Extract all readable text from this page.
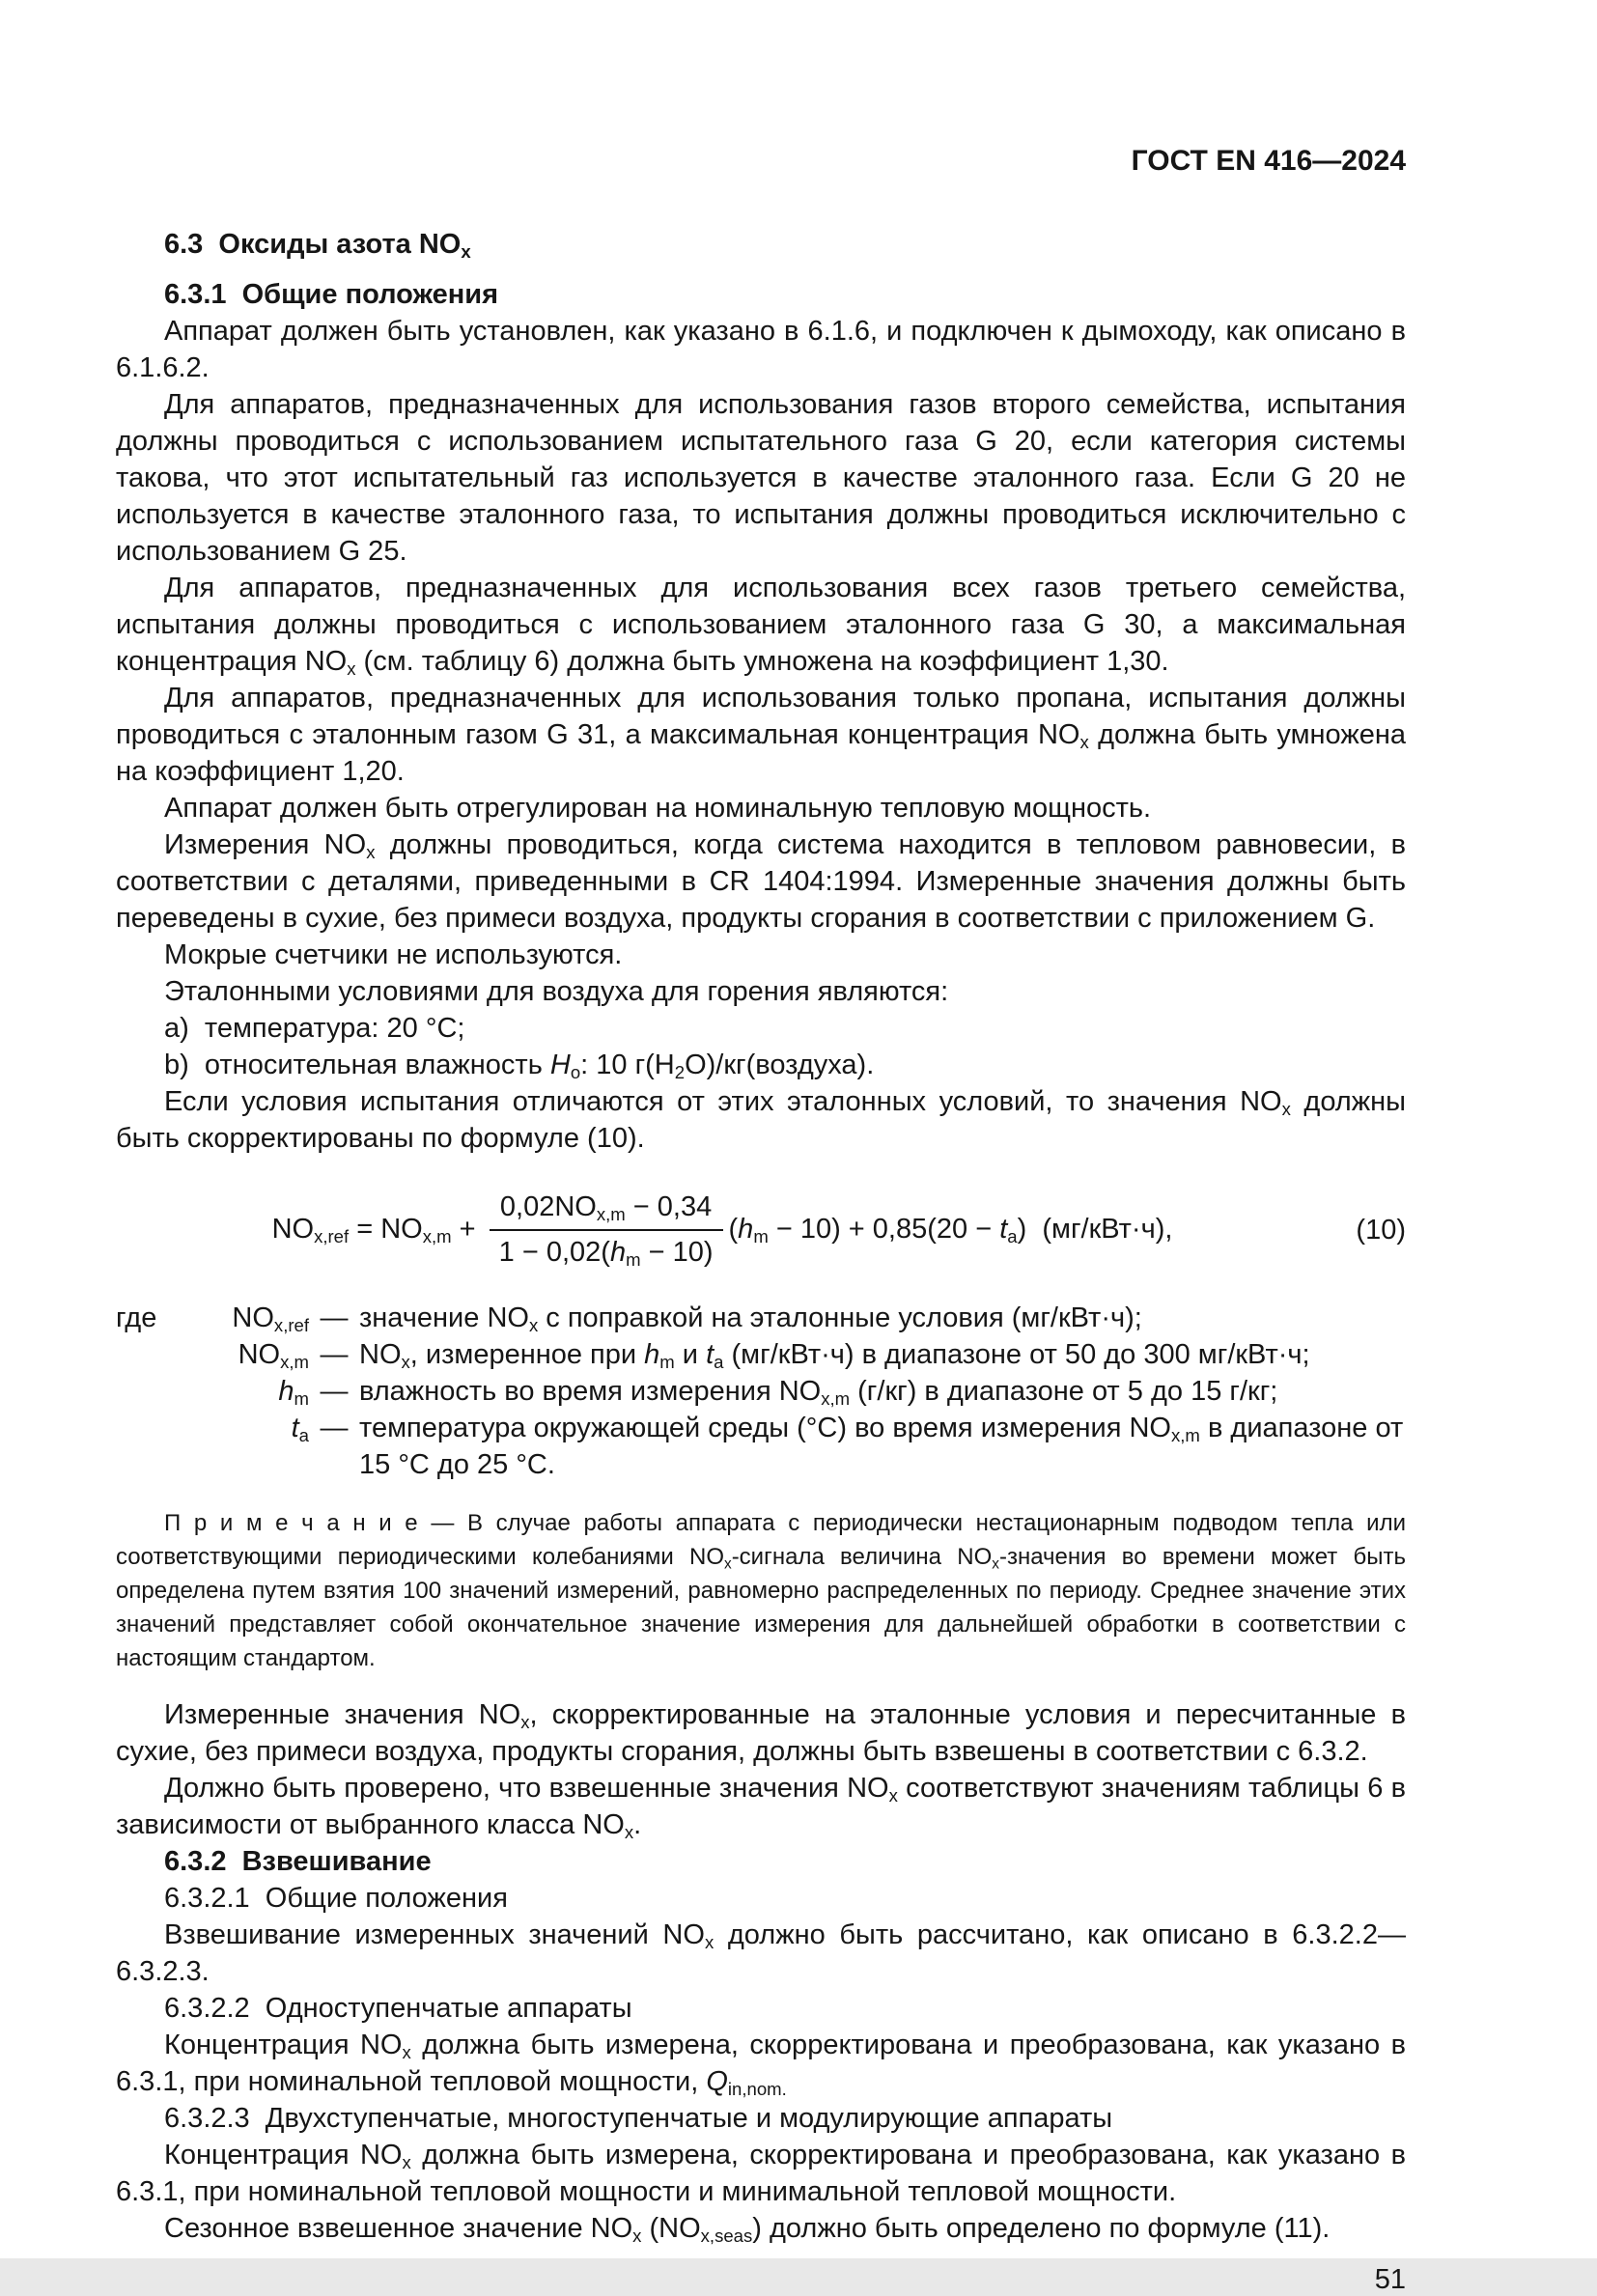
ГОСТ EN 416—2024

6.3  Оксиды азота $NO_x$

6.3.1  Общие положения

Аппарат должен быть установлен, как указано в 6.1.6, и подключен к дымоходу, как описано в 6.1.6.2.

Для аппаратов, предназначенных для использования газов второго семейства, испытания должны проводиться с использованием испытательного газа G 20, если категория системы такова, что этот испытательный газ используется в качестве эталонного газа. Если G 20 не используется в качестве эталонного газа, то испытания должны проводиться исключительно с использованием G 25.

Для аппаратов, предназначенных для использования всех газов третьего семейства, испытания должны проводиться с использованием эталонного газа G 30, а максимальная концентрация $NO_x$ (см. таблицу 6) должна быть умножена на коэффициент 1,30.

Для аппаратов, предназначенных для использования только пропана, испытания должны проводиться с эталонным газом G 31, а максимальная концентрация $NO_x$ должна быть умножена на коэффициент 1,20.

Аппарат должен быть отрегулирован на номинальную тепловую мощность.

Измерения $NO_x$ должны проводиться, когда система находится в тепловом равновесии, в соответствии с деталями, приведенными в CR 1404:1994. Измеренные значения должны быть переведены в сухие, без примеси воздуха, продукты сгорания в соответствии с приложением G.

Мокрые счетчики не используются.

Эталонными условиями для воздуха для горения являются:

a)  температура: 20 °C;

b)  относительная влажность $H_o$: 10 $г(H_2O)/кг(воздуха)$.

Если условия испытания отличаются от этих эталонных условий, то значения $NO_x$ должны быть скорректированы по формуле (10).

$NO_{x,ref} = NO_{x,m} + \frac{0,02NO_{x,m} - 0,34}{1 - 0,02(h_m - 10)} (h_m - 10) + 0,85(20 - t_a)$  (мг/кВт·ч),	(10)
где	$NO_{x,ref}$ — значение $NO_x$ с поправкой на эталонные условия (мг/кВт·ч);
$NO_{x,m}$ — $NO_x$, измеренное при $h_m$ и $t_a$ (мг/кВт·ч) в диапазоне от 50 до 300 мг/кВт·ч;
$h_m$ — влажность во время измерения $NO_{x,m}$ (г/кг) в диапазоне от 5 до 15 г/кг;
$t_a$ — температура окружающей среды (°C) во время измерения $NO_{x,m}$ в диапазоне от 15 °C до 25 °C.

П р и м е ч а н и е — В случае работы аппарата с периодически нестационарным подводом тепла или соответствующими периодическими колебаниями $NO_x$-сигнала величина $NO_x$-значения во времени может быть определена путем взятия 100 значений измерений, равномерно распределенных по периоду. Среднее значение этих значений представляет собой окончательное значение измерения для дальнейшей обработки в соответствии с настоящим стандартом.

Измеренные значения $NO_x$, скорректированные на эталонные условия и пересчитанные в сухие, без примеси воздуха, продукты сгорания, должны быть взвешены в соответствии с 6.3.2.

Должно быть проверено, что взвешенные значения $NO_x$ соответствуют значениям таблицы 6 в зависимости от выбранного класса $NO_x$.

6.3.2  Взвешивание

6.3.2.1  Общие положения

Взвешивание измеренных значений $NO_x$ должно быть рассчитано, как описано в 6.3.2.2—6.3.2.3.

6.3.2.2  Одноступенчатые аппараты

Концентрация $NO_x$ должна быть измерена, скорректирована и преобразована, как указано в 6.3.1, при номинальной тепловой мощности, $Q_{in,nom.}$

6.3.2.3  Двухступенчатые, многоступенчатые и модулирующие аппараты

Концентрация $NO_x$ должна быть измерена, скорректирована и преобразована, как указано в 6.3.1, при номинальной тепловой мощности и минимальной тепловой мощности.

Сезонное взвешенное значение $NO_x$ $(NO_{x,seas})$ должно быть определено по формуле (11).

51
